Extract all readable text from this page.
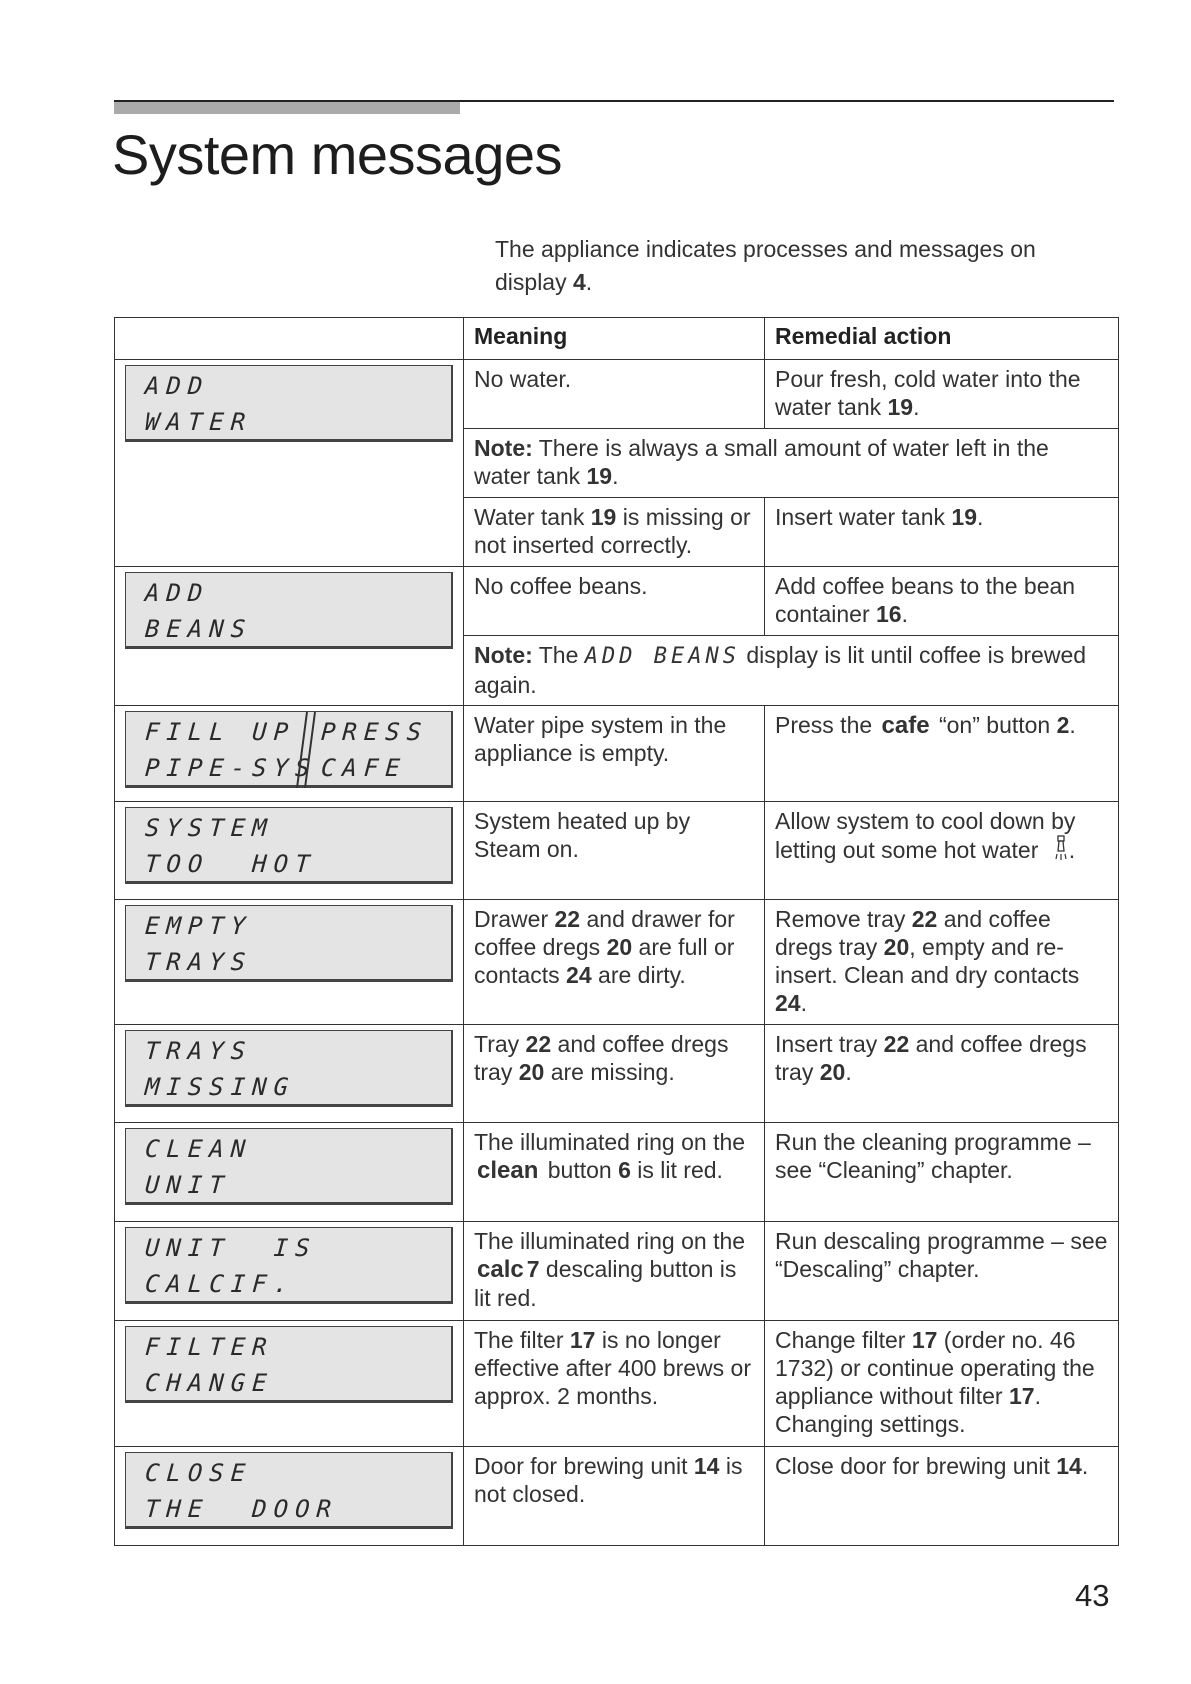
System messages
The appliance indicates processes and messages on display 4.
	Meaning	Remedial action

ADD
WATER	No water.	Pour fresh, cold water into the water tank 19.
	Note: There is always a small amount of water left in the water tank 19.	
	Water tank 19 is missing or not inserted correctly.	Insert water tank 19.

ADD
BEANS	No coffee beans.	Add coffee beans to the bean container 16.
	Note: The ADD BEANS display is lit until coffee is brewed again.	

FILL UP
PIPE-SYS
PRESS
CAFE	Water pipe system in the appliance is empty.	Press the cafe “on” button 2.

SYSTEM
TOO  HOT	System heated up by Steam on.	Allow system to cool down by letting out some hot water .

EMPTY
TRAYS	Drawer 22 and drawer for coffee dregs 20 are full or contacts 24 are dirty.	Remove tray 22 and coffee dregs tray 20, empty and re-insert. Clean and dry contacts 24.

TRAYS
MISSING	Tray 22 and coffee dregs tray 20 are missing.	Insert tray 22 and coffee dregs tray 20.

CLEAN
UNIT	The illuminated ring on the clean button 6 is lit red.	Run the cleaning programme – see “Cleaning” chapter.

UNIT  IS
CALCIF.	The illuminated ring on the calc 7 descaling button is lit red.	Run descaling programme – see “Descaling” chapter.

FILTER
CHANGE	The filter 17 is no longer effective after 400 brews or approx. 2 months.	Change filter 17 (order no. 46 1732) or continue operating the appliance without filter 17. Changing settings.

CLOSE
THE  DOOR	Door for brewing unit 14 is not closed.	Close door for brewing unit 14.
43
